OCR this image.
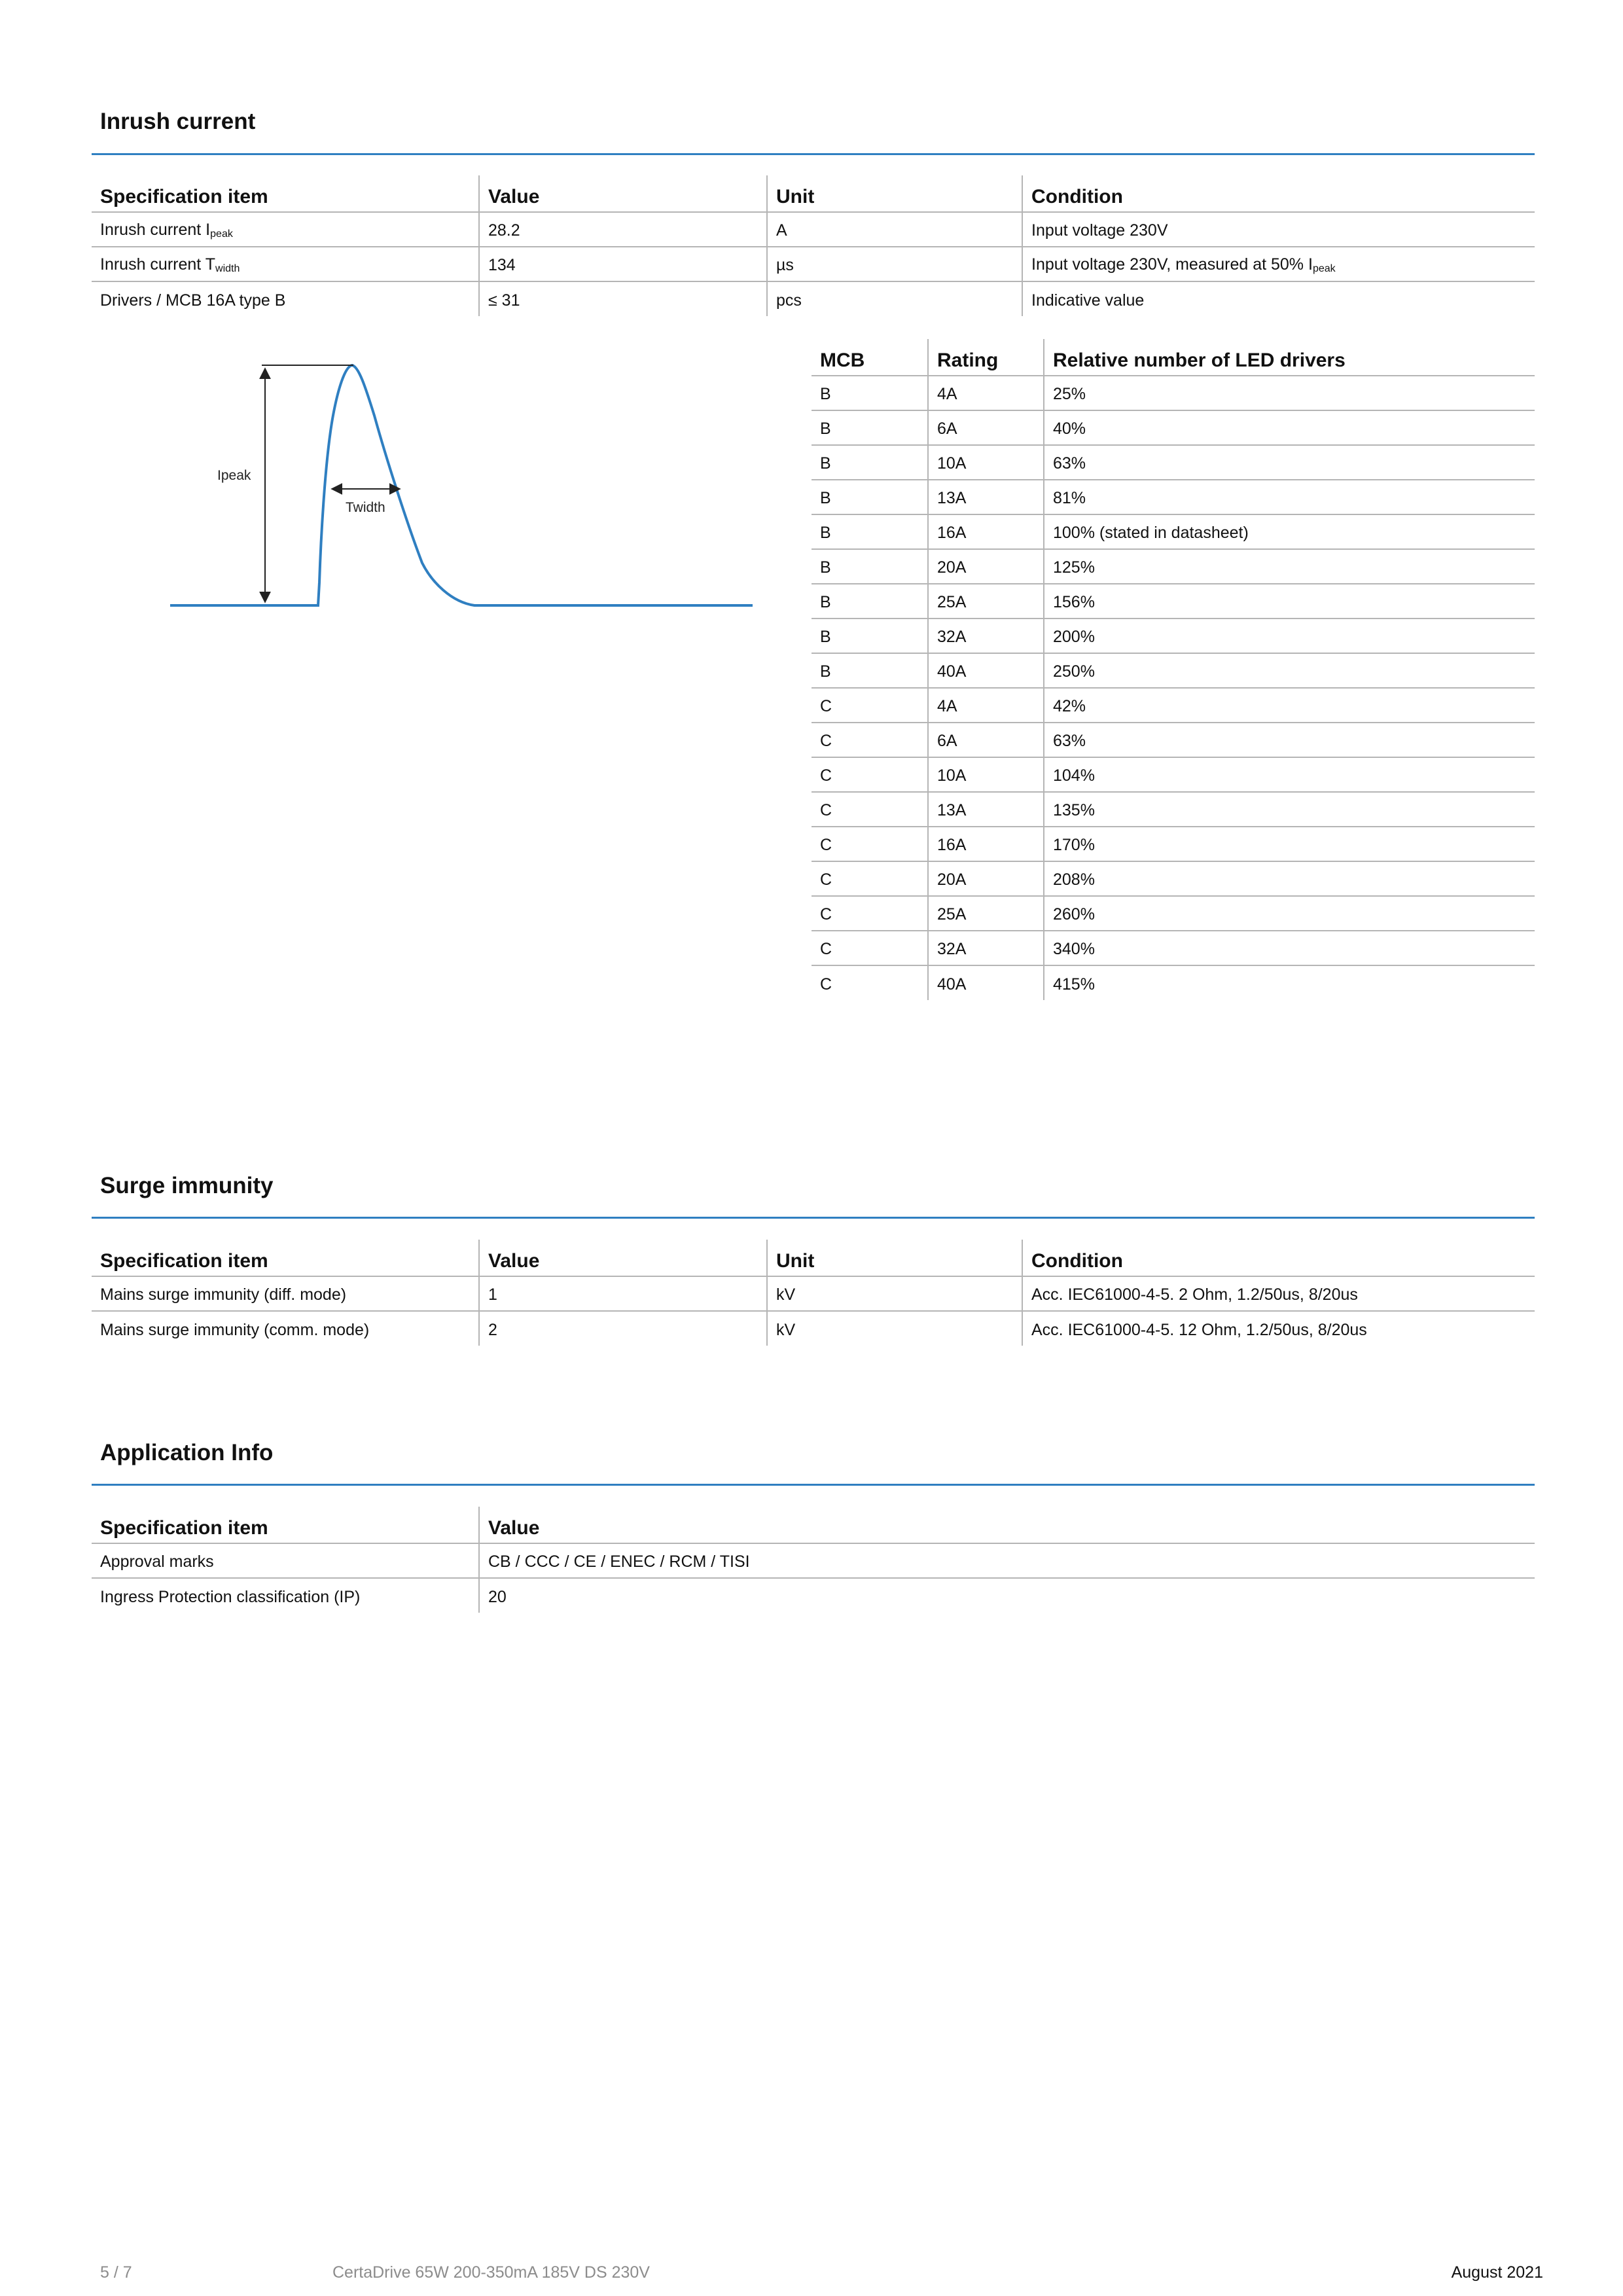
Inrush current
Specification item	Value	Unit	Condition
Inrush current $I_{peak}$	28.2	A	Input voltage 230V
Inrush current $T_{width}$	134	µs	Input voltage 230V, measured at 50% $I_{peak}$
Drivers / MCB 16A type B	≤ 31	pcs	Indicative value
Ipeak
Twidth
MCB	Rating	Relative number of LED drivers
B	4A	25%
B	6A	40%
B	10A	63%
B	13A	81%
B	16A	100% (stated in datasheet)
B	20A	125%
B	25A	156%
B	32A	200%
B	40A	250%
C	4A	42%
C	6A	63%
C	10A	104%
C	13A	135%
C	16A	170%
C	20A	208%
C	25A	260%
C	32A	340%
C	40A	415%
Surge immunity
Specification item	Value	Unit	Condition
Mains surge immunity (diff. mode)	1	kV	Acc. IEC61000-4-5. 2 Ohm, 1.2/50us, 8/20us
Mains surge immunity (comm. mode)	2	kV	Acc. IEC61000-4-5. 12 Ohm, 1.2/50us, 8/20us
Application Info
Specification item	Value
Approval marks	CB / CCC / CE / ENEC / RCM / TISI
Ingress Protection classification (IP)	20
5 / 7	CertaDrive 65W 200-350mA 185V DS 230V	August 2021
